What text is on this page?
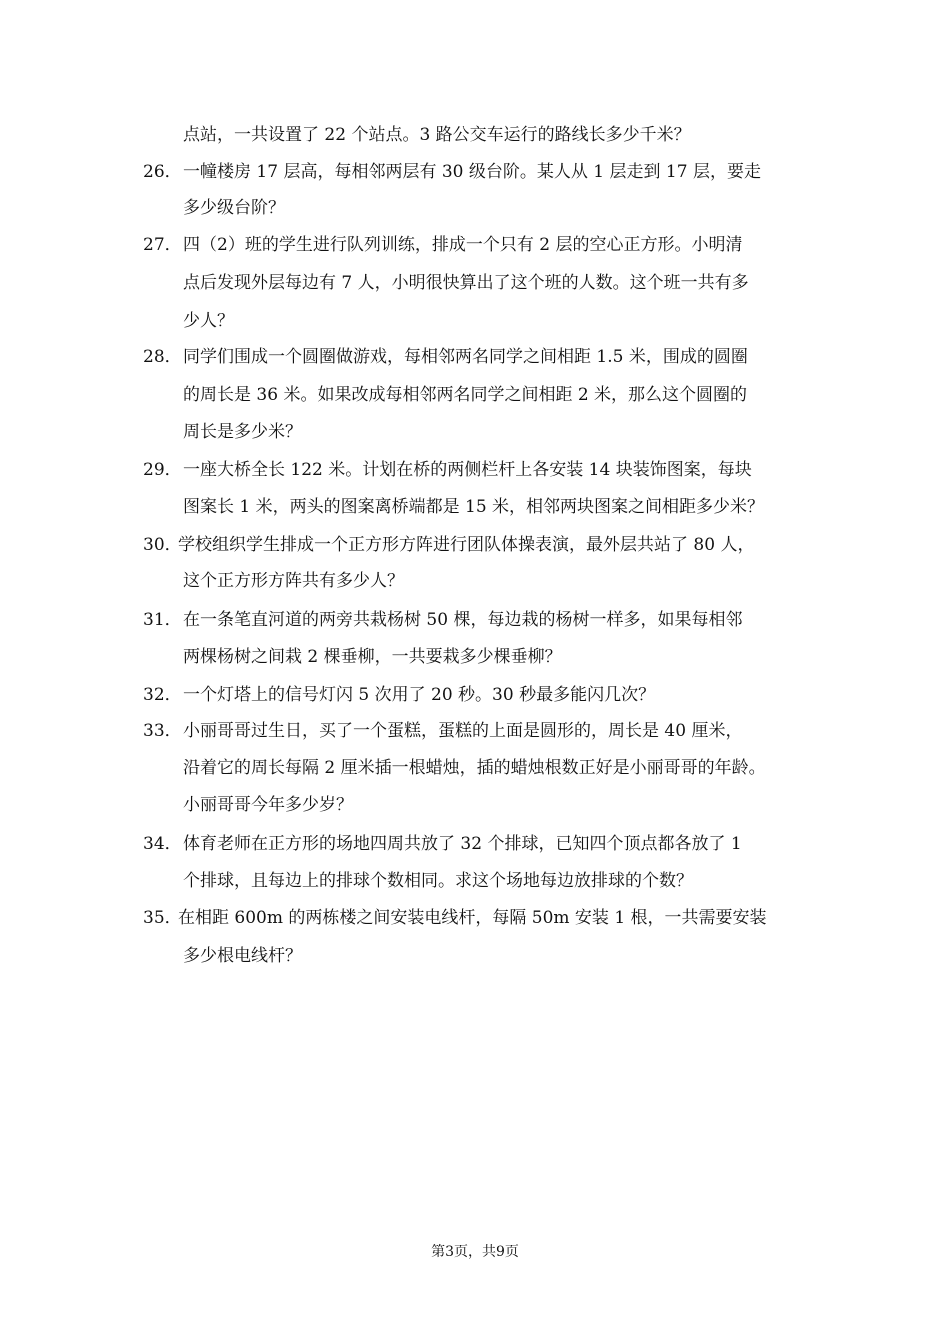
点站，一共设置了 22 个站点。3 路公交车运行的路线长多少千米？
26． 一幢楼房 17 层高，每相邻两层有 30 级台阶。某人从 1 层走到 17 层，要走
多少级台阶？
27． 四（2）班的学生进行队列训练，排成一个只有 2 层的空心正方形。小明清
点后发现外层每边有 7 人，小明很快算出了这个班的人数。这个班一共有多
少人？
28． 同学们围成一个圆圈做游戏，每相邻两名同学之间相距 1.5 米，围成的圆圈
的周长是 36 米。如果改成每相邻两名同学之间相距 2 米，那么这个圆圈的
周长是多少米？
29． 一座大桥全长 122 米。计划在桥的两侧栏杆上各安装 14 块装饰图案，每块
图案长 1 米，两头的图案离桥端都是 15 米，相邻两块图案之间相距多少米？
30．
学校组织学生排成一个正方形方阵进行团队体操表演，最外层共站了 80 人，
这个正方形方阵共有多少人？
31． 在一条笔直河道的两旁共栽杨树 50 棵，每边栽的杨树一样多，如果每相邻
两棵杨树之间栽 2 棵垂柳，一共要栽多少棵垂柳？
32． 一个灯塔上的信号灯闪 5 次用了 20 秒。30 秒最多能闪几次？
33． 小丽哥哥过生日，买了一个蛋糕，蛋糕的上面是圆形的，周长是 40 厘米，
沿着它的周长每隔 2 厘米插一根蜡烛，插的蜡烛根数正好是小丽哥哥的年龄。
小丽哥哥今年多少岁？
34． 体育老师在正方形的场地四周共放了 32 个排球，已知四个顶点都各放了 1
个排球，且每边上的排球个数相同。求这个场地每边放排球的个数？
35．
在相距 600m 的两栋楼之间安装电线杆，每隔 50m 安装 1 根，一共需要安装
多少根电线杆？
第3页，共9页
